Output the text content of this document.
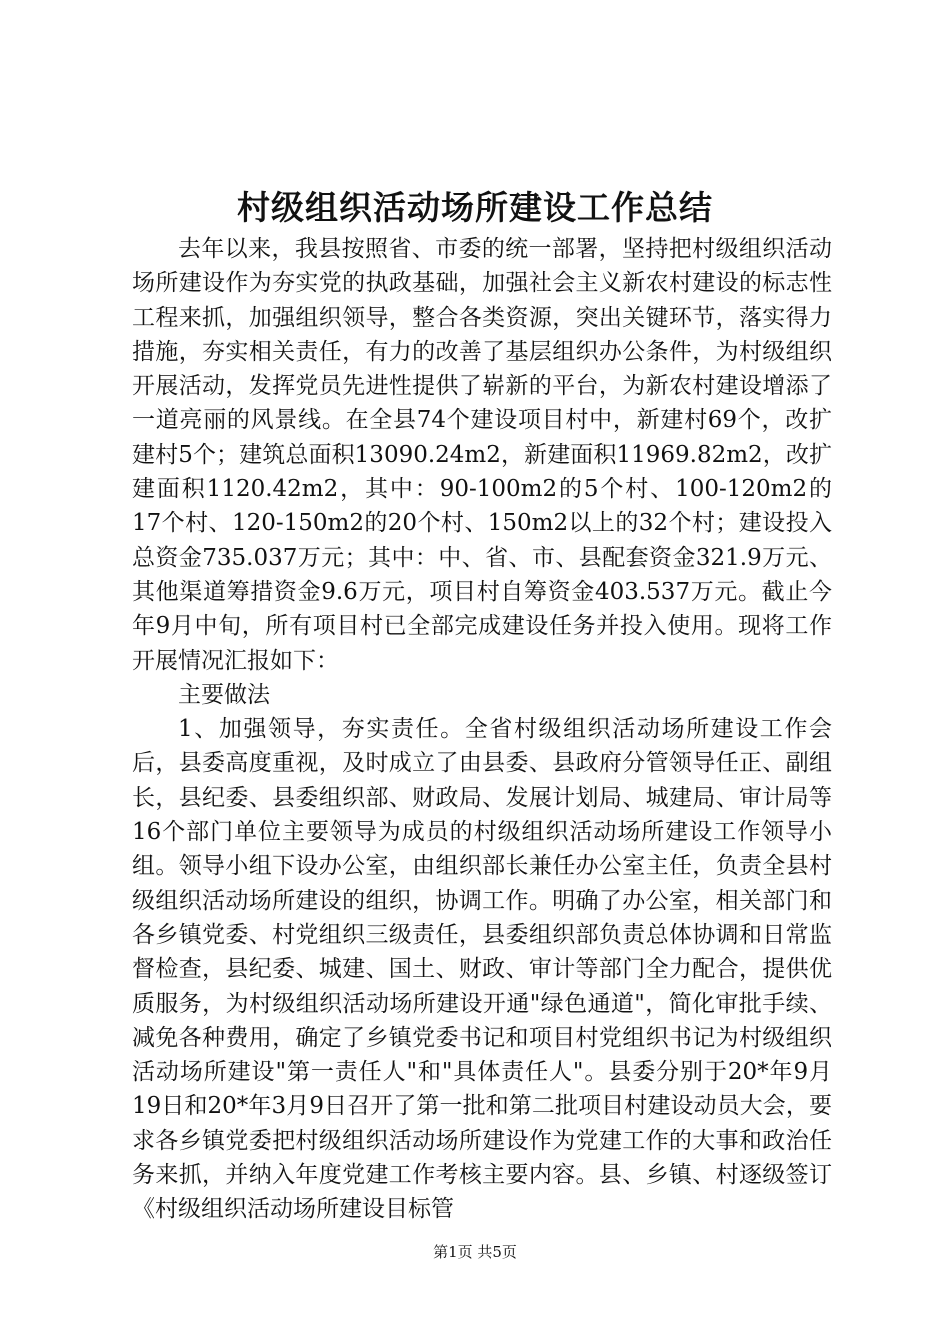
村级组织活动场所建设工作总结

去年以来，我县按照省、市委的统一部署，坚持把村级组织活动场所建设作为夯实党的执政基础，加强社会主义新农村建设的标志性工程来抓，加强组织领导，整合各类资源，突出关键环节，落实得力措施，夯实相关责任，有力的改善了基层组织办公条件，为村级组织开展活动，发挥党员先进性提供了崭新的平台，为新农村建设增添了一道亮丽的风景线。在全县74个建设项目村中，新建村69个，改扩建村5个；建筑总面积13090.24m2，新建面积11969.82m2，改扩建面积1120.42m2，其中：90-100m2的5个村、100-120m2的17个村、120-150m2的20个村、150m2以上的32个村；建设投入总资金735.037万元；其中：中、省、市、县配套资金321.9万元、其他渠道筹措资金9.6万元，项目村自筹资金403.537万元。截止今年9月中旬，所有项目村已全部完成建设任务并投入使用。现将工作开展情况汇报如下：

主要做法

1、加强领导，夯实责任。全省村级组织活动场所建设工作会后，县委高度重视，及时成立了由县委、县政府分管领导任正、副组长，县纪委、县委组织部、财政局、发展计划局、城建局、审计局等16个部门单位主要领导为成员的村级组织活动场所建设工作领导小组。领导小组下设办公室，由组织部长兼任办公室主任，负责全县村级组织活动场所建设的组织，协调工作。明确了办公室，相关部门和各乡镇党委、村党组织三级责任，县委组织部负责总体协调和日常监督检查，县纪委、城建、国土、财政、审计等部门全力配合，提供优质服务，为村级组织活动场所建设开通"绿色通道"，简化审批手续、减免各种费用，确定了乡镇党委书记和项目村党组织书记为村级组织活动场所建设"第一责任人"和"具体责任人"。县委分别于20*年9月19日和20*年3月9日召开了第一批和第二批项目村建设动员大会，要求各乡镇党委把村级组织活动场所建设作为党建工作的大事和政治任务来抓，并纳入年度党建工作考核主要内容。县、乡镇、村逐级签订《村级组织活动场所建设目标管

第1页 共5页
